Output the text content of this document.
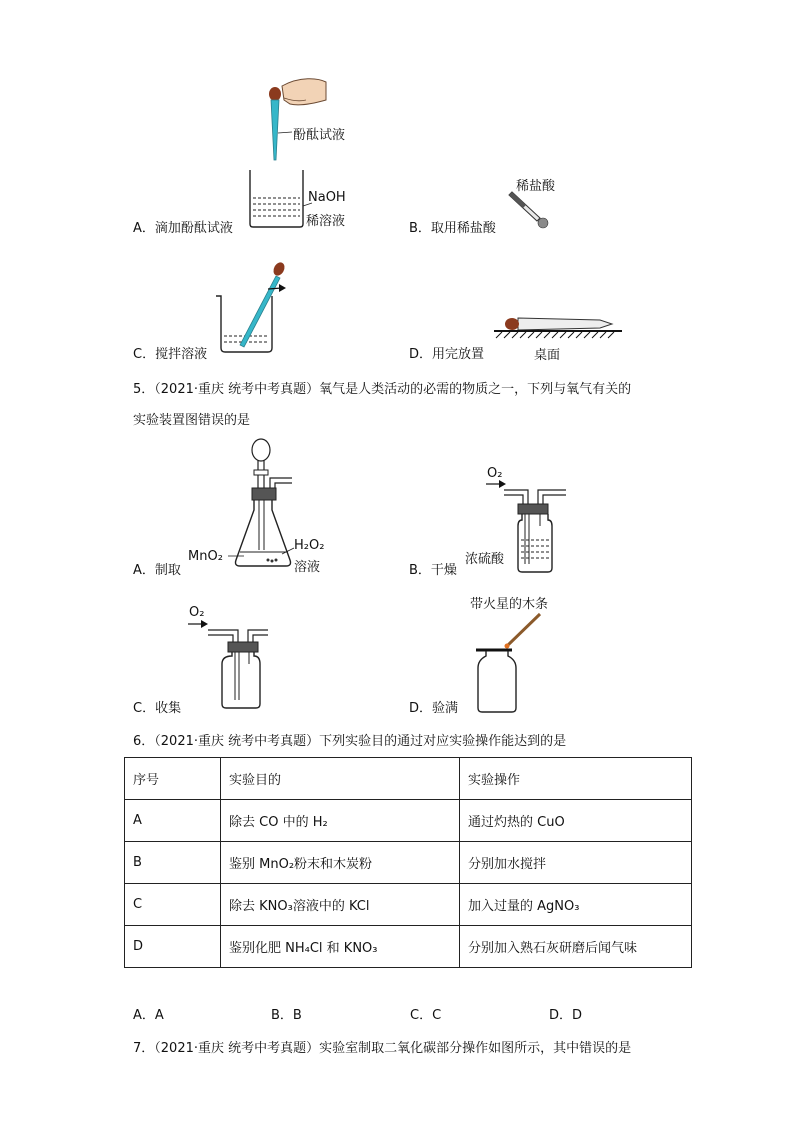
酚酞试液
NaOH
稀溶液
A．滴加酚酞试液
稀盐酸
B．取用稀盐酸
C．搅拌溶液	桌面
D．用完放置
5．（2021·重庆 统考中考真题）氧气是人类活动的必需的物质之一，下列与氧气有关的
实验装置图错误的是
MnO₂
H₂O₂
溶液
A．制取
O₂
浓硫酸
B．干燥
O₂
C．收集
带火星的木条
D．验满
6．（2021·重庆 统考中考真题）下列实验目的通过对应实验操作能达到的是
序号	实验目的	实验操作
A	除去 CO 中的 H₂	通过灼热的 CuO
B	鉴别 MnO₂粉末和木炭粉	分别加水搅拌
C	除去 KNO₃溶液中的 KCl	加入过量的 AgNO₃
D	鉴别化肥 NH₄Cl 和 KNO₃	分别加入熟石灰研磨后闻气味
A．A	B．B	C．C	D．D
7．（2021·重庆 统考中考真题）实验室制取二氧化碳部分操作如图所示，其中错误的是
